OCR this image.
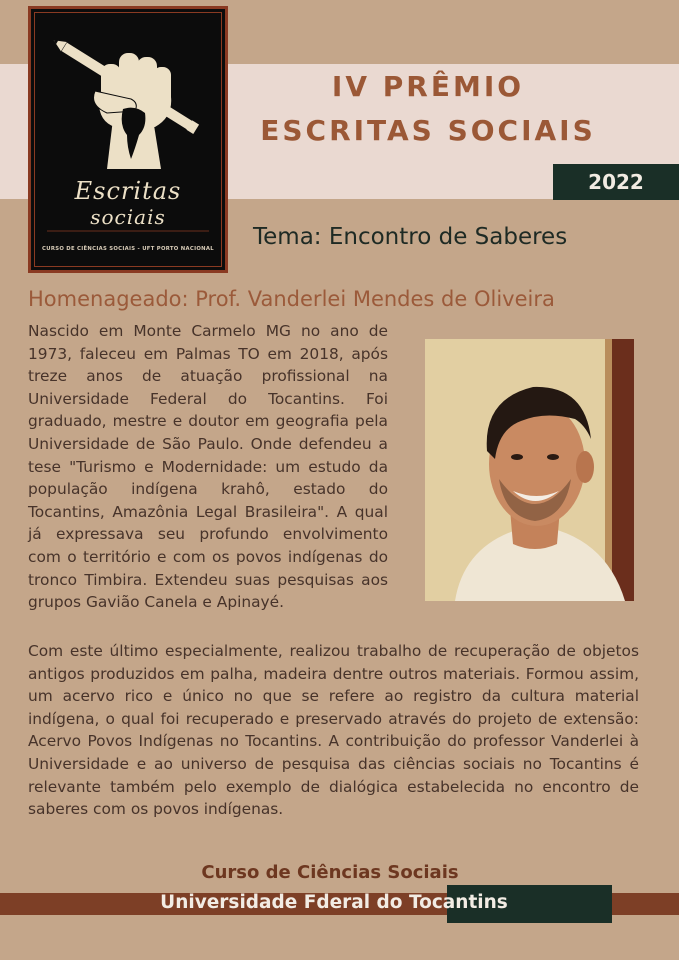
Escritas
sociais
CURSO DE CIÊNCIAS SOCIAIS - UFT PORTO NACIONAL
IV PRÊMIO
ESCRITAS SOCIAIS
2022
Tema: Encontro de Saberes
Homenageado: Prof. Vanderlei Mendes de Oliveira
Nascido em Monte Carmelo MG no ano de 1973, faleceu em Palmas TO em 2018, após treze anos de atuação profissional na Universidade Federal do Tocantins. Foi graduado, mestre e doutor em geografia pela Universidade de São Paulo. Onde defendeu a tese "Turismo e Modernidade: um estudo da população indígena krahô, estado do Tocantins, Amazônia Legal Brasileira". A qual já expressava seu profundo envolvimento com o território e com os povos indígenas do tronco Timbira. Extendeu suas pesquisas aos grupos Gavião Canela e Apinayé.
Com este último especialmente, realizou trabalho de recuperação de objetos antigos produzidos em palha, madeira dentre outros materiais. Formou assim, um acervo rico e único no que se refere ao registro da cultura material indígena, o qual foi recuperado e preservado através do projeto de extensão: Acervo Povos Indígenas no Tocantins. A contribuição do professor Vanderlei à Universidade e ao universo de pesquisa das ciências sociais no Tocantins é relevante também pelo exemplo de dialógica estabelecida no encontro de saberes com os povos indígenas.
Curso de Ciências Sociais
Universidade Fderal do Tocantins
